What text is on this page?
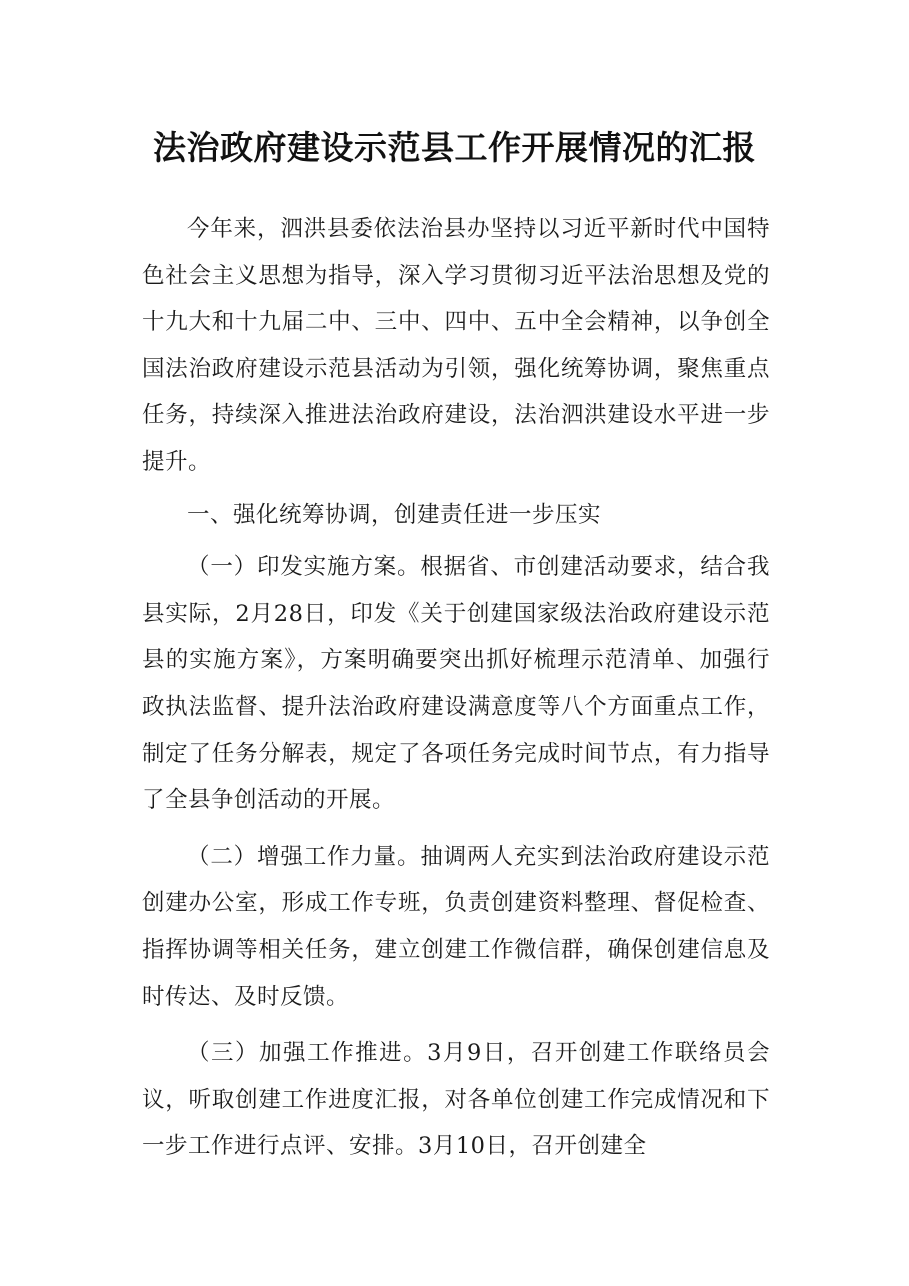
法治政府建设示范县工作开展情况的汇报

今年来，泗洪县委依法治县办坚持以习近平新时代中国特色社会主义思想为指导，深入学习贯彻习近平法治思想及党的十九大和十九届二中、三中、四中、五中全会精神，以争创全国法治政府建设示范县活动为引领，强化统筹协调，聚焦重点任务，持续深入推进法治政府建设，法治泗洪建设水平进一步提升。

一、强化统筹协调，创建责任进一步压实

（一）印发实施方案。根据省、市创建活动要求，结合我县实际，2月28日，印发《关于创建国家级法治政府建设示范县的实施方案》，方案明确要突出抓好梳理示范清单、加强行政执法监督、提升法治政府建设满意度等八个方面重点工作，制定了任务分解表，规定了各项任务完成时间节点，有力指导了全县争创活动的开展。

（二）增强工作力量。抽调两人充实到法治政府建设示范创建办公室，形成工作专班，负责创建资料整理、督促检查、指挥协调等相关任务，建立创建工作微信群，确保创建信息及时传达、及时反馈。

（三）加强工作推进。3月9日，召开创建工作联络员会议，听取创建工作进度汇报，对各单位创建工作完成情况和下一步工作进行点评、安排。3月10日，召开创建全
